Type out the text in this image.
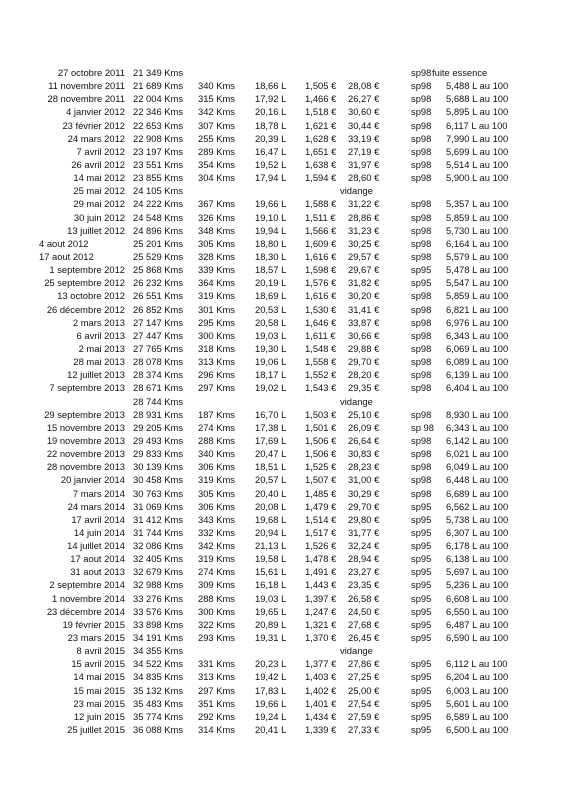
27 octobre 2011 21 349 Kms	sp98 fuite essence
11 novembre 2011 21 689 Kms 340 Kms 18,66 L 1,505 € 28,08 €	sp98 5,488 L au 100
28 novembre 2011 22 004 Kms 315 Kms 17,92 L 1,466 € 26,27 €	sp98 5,688 L au 100
4 janvier 2012 22 346 Kms 342 Kms 20,16 L 1,518 € 30,60 €	sp98 5,895 L au 100
23 février 2012 22 653 Kms 307 Kms 18,78 L 1,621 € 30,44 €	sp98 6,117 L au 100
24 mars 2012 22 908 Kms 255 Kms 20,39 L 1,628 € 33,19 €	sp98 7,990 L au 100
7 avril 2012 23 197 Kms 289 Kms 16,47 L 1,651 € 27,19 €	sp98 5,699 L au 100
26 avril 2012 23 551 Kms 354 Kms 19,52 L 1,638 € 31,97 €	sp98 5,514 L au 100
14 mai 2012 23 855 Kms 304 Kms 17,94 L 1,594 € 28,60 €	sp98 5,900 L au 100
25 mai 2012 24 105 Kms	vidange
29 mai 2012 24 222 Kms 367 Kms 19,66 L 1,588 € 31,22 €	sp98 5,357 L au 100
30 juin 2012 24 548 Kms 326 Kms 19,10 L 1,511 € 28,86 €	sp98 5,859 L au 100
13 juillet 2012 24 896 Kms 348 Kms 19,94 L 1,566 € 31,23 €	sp98 5,730 L au 100
4 aout 2012	25 201 Kms 305 Kms 18,80 L 1,609 € 30,25 €	sp98 6,164 L au 100
17 aout 2012	25 529 Kms 328 Kms 18,30 L 1,616 € 29,57 €	sp98 5,579 L au 100
1 septembre 2012 25 868 Kms 339 Kms 18,57 L 1,598 € 29,67 €	sp95 5,478 L au 100
25 septembre 2012 26 232 Kms 364 Kms 20,19 L 1,576 € 31,82 €	sp95 5,547 L au 100
13 octobre 2012 26 551 Kms 319 Kms 18,69 L 1,616 € 30,20 €	sp98 5,859 L au 100
26 décembre 2012 26 852 Kms 301 Kms 20,53 L 1,530 € 31,41 €	sp98 6,821 L au 100
2 mars 2013 27 147 Kms 295 Kms 20,58 L 1,646 € 33,87 €	sp98 6,976 L au 100
6 avril 2013 27 447 Kms 300 Kms 19,03 L 1,611 € 30,66 €	sp98 6,343 L au 100
2 mai 2013 27 765 Kms 318 Kms 19,30 L 1,548 € 29,88 €	sp98 6,069 L au 100
28 mai 2013 28 078 Kms 313 Kms 19,06 L 1,558 € 29,70 €	sp98 6,089 L au 100
12 juillet 2013 28 374 Kms 296 Kms 18,17 L 1,552 € 28,20 €	sp98 6,139 L au 100
7 septembre 2013 28 671 Kms 297 Kms 19,02 L 1,543 € 29,35 €	sp98 6,404 L au 100
28 744 Kms	vidange
29 septembre 2013 28 931 Kms 187 Kms 16,70 L 1,503 € 25,10 €	sp98 8,930 L au 100
15 novembre 2013 29 205 Kms 274 Kms 17,38 L 1,501 € 26,09 €	sp 98 6,343 L au 100
19 novembre 2013 29 493 Kms 288 Kms 17,69 L 1,506 € 26,64 €	sp98 6,142 L au 100
22 novembre 2013 29 833 Kms 340 Kms 20,47 L 1,506 € 30,83 €	sp98 6,021 L au 100
28 novembre 2013 30 139 Kms 306 Kms 18,51 L 1,525 € 28,23 €	sp98 6,049 L au 100
20 janvier 2014 30 458 Kms 319 Kms 20,57 L 1,507 € 31,00 €	sp98 6,448 L au 100
7 mars 2014 30 763 Kms 305 Kms 20,40 L 1,485 € 30,29 €	sp98 6,689 L au 100
24 mars 2014 31 069 Kms 306 Kms 20,08 L 1,479 € 29,70 €	sp95 6,562 L au 100
17 avril 2014 31 412 Kms 343 Kms 19,68 L 1,514 € 29,80 €	sp95 5,738 L au 100
14 juin 2014 31 744 Kms 332 Kms 20,94 L 1,517 € 31,77 €	sp95 6,307 L au 100
14 juillet 2014 32 086 Kms 342 Kms 21,13 L 1,526 € 32,24 €	sp95 6,178 L au 100
17 aout 2014 32 405 Kms 319 Kms 19,58 L 1,478 € 28,94 €	sp95 6,138 L au 100
31 aout 2013 32 679 Kms 274 Kms 15,61 L 1,491 € 23,27 €	sp95 5,697 L au 100
2 septembre 2014 32 988 Kms 309 Kms 16,18 L 1,443 € 23,35 €	sp95 5,236 L au 100
1 novembre 2014 33 276 Kms 288 Kms 19,03 L 1,397 € 26,58 €	sp95 6,608 L au 100
23 décembre 2014 33 576 Kms 300 Kms 19,65 L 1,247 € 24,50 €	sp95 6,550 L au 100
19 février 2015 33 898 Kms 322 Kms 20,89 L 1,321 € 27,68 €	sp95 6,487 L au 100
23 mars 2015 34 191 Kms 293 Kms 19,31 L 1,370 € 26,45 €	sp95 6,590 L au 100
8 avril 2015 34 355 Kms	vidange
15 avril 2015 34 522 Kms 331 Kms 20,23 L 1,377 € 27,86 €	sp95 6,112 L au 100
14 mai 2015 34 835 Kms 313 Kms 19,42 L 1,403 € 27,25 €	sp95 6,204 L au 100
15 mai 2015 35 132 Kms 297 Kms 17,83 L 1,402 € 25,00 €	sp95 6,003 L au 100
23 mai 2015 35 483 Kms 351 Kms 19,66 L 1,401 € 27,54 €	sp95 5,601 L au 100
12 juin 2015 35 774 Kms 292 Kms 19,24 L 1,434 € 27,59 €	sp95 6,589 L au 100
25 juillet 2015 36 088 Kms 314 Kms 20,41 L 1,339 € 27,33 €	sp95 6,500 L au 100
